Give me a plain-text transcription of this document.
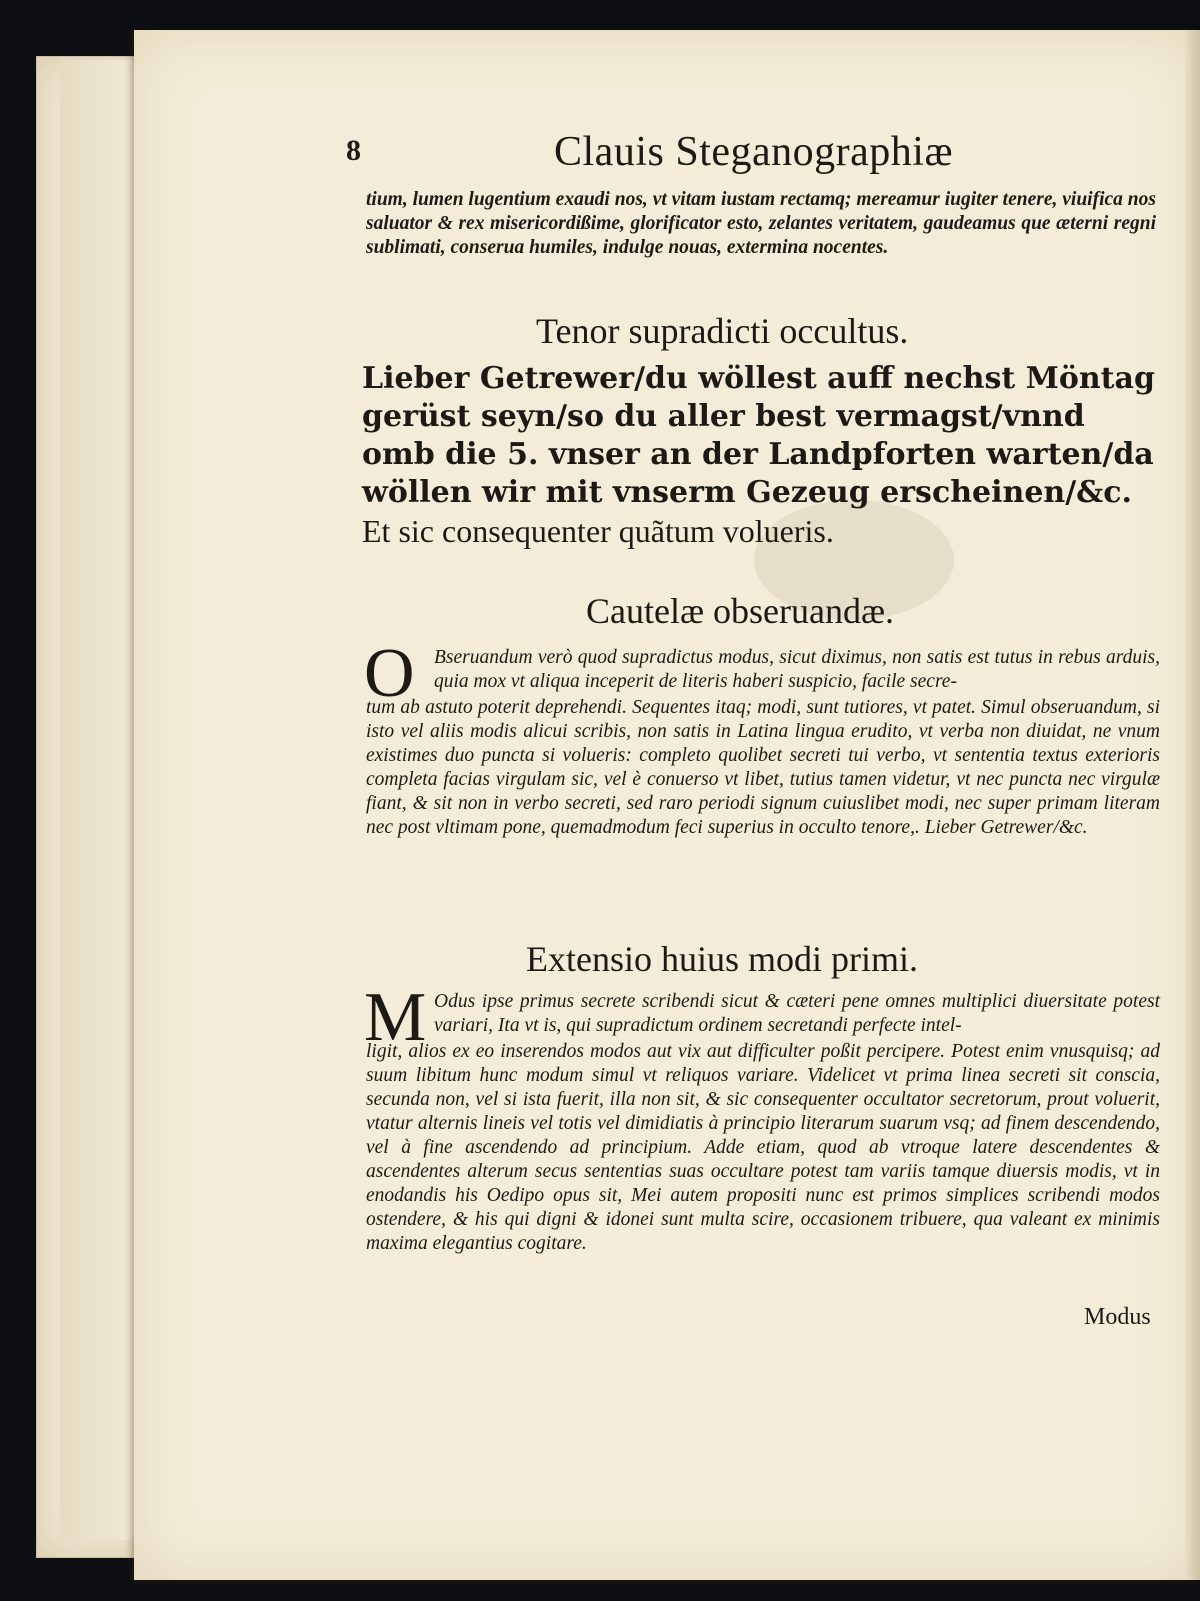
8	Clauis Steganographiæ

tium, lumen lugentium exaudi nos, vt vitam iustam rectamq; mereamur iugiter tenere, viuifica nos saluator & rex misericordißime, glorificator esto, zelantes veritatem, gaudeamus que æterni regni sublimati, conserua humiles, indulge nouas, extermina nocentes.

Tenor supradicti occultus.

Lieber Getrewer/du wöllest auff nechst Möntag gerüst seyn/so du aller best vermagst/vnnd omb die 5. vnser an der Landpforten warten/da wöllen wir mit vnserm Gezeug erscheinen/&c. Et sic consequenter quãtum volueris.

Cautelæ obseruandæ.
O Bseruandum verò quod supradictus modus, sicut diximus, non satis est tutus in rebus arduis, quia mox vt aliqua inceperit de literis haberi suspicio, facile secre-

tum ab astuto poterit deprehendi. Sequentes itaq; modi, sunt tutiores, vt patet. Simul obseruandum, si isto vel aliis modis alicui scribis, non satis in Latina lingua erudito, vt verba non diuidat, ne vnum existimes duo puncta si volueris: completo quolibet secreti tui verbo, vt sententia textus exterioris completa facias virgulam sic, vel è conuerso vt libet, tutius tamen videtur, vt nec puncta nec virgulæ fiant, & sit non in verbo secreti, sed raro periodi signum cuiuslibet modi, nec super primam literam nec post vltimam pone, quemadmodum feci superius in occulto tenore,. Lieber Getrewer/&c.

Extensio huius modi primi.
M Odus ipse primus secrete scribendi sicut & cæteri pene omnes multiplici diuersitate potest variari, Ita vt is, qui supradictum ordinem secretandi perfecte intel-

ligit, alios ex eo inserendos modos aut vix aut difficulter poßit percipere. Potest enim vnusquisq; ad suum libitum hunc modum simul vt reliquos variare. Videlicet vt prima linea secreti sit conscia, secunda non, vel si ista fuerit, illa non sit, & sic consequenter occultator secretorum, prout voluerit, vtatur alternis lineis vel totis vel dimidiatis à principio literarum suarum vsq; ad finem descendendo, vel à fine ascendendo ad principium. Adde etiam, quod ab vtroque latere descendentes & ascendentes alterum secus sententias suas occultare potest tam variis tamque diuersis modis, vt in enodandis his Oedipo opus sit, Mei autem propositi nunc est primos simplices scribendi modos ostendere, & his qui digni & idonei sunt multa scire, occasionem tribuere, qua valeant ex minimis maxima elegantius cogitare.

Modus
